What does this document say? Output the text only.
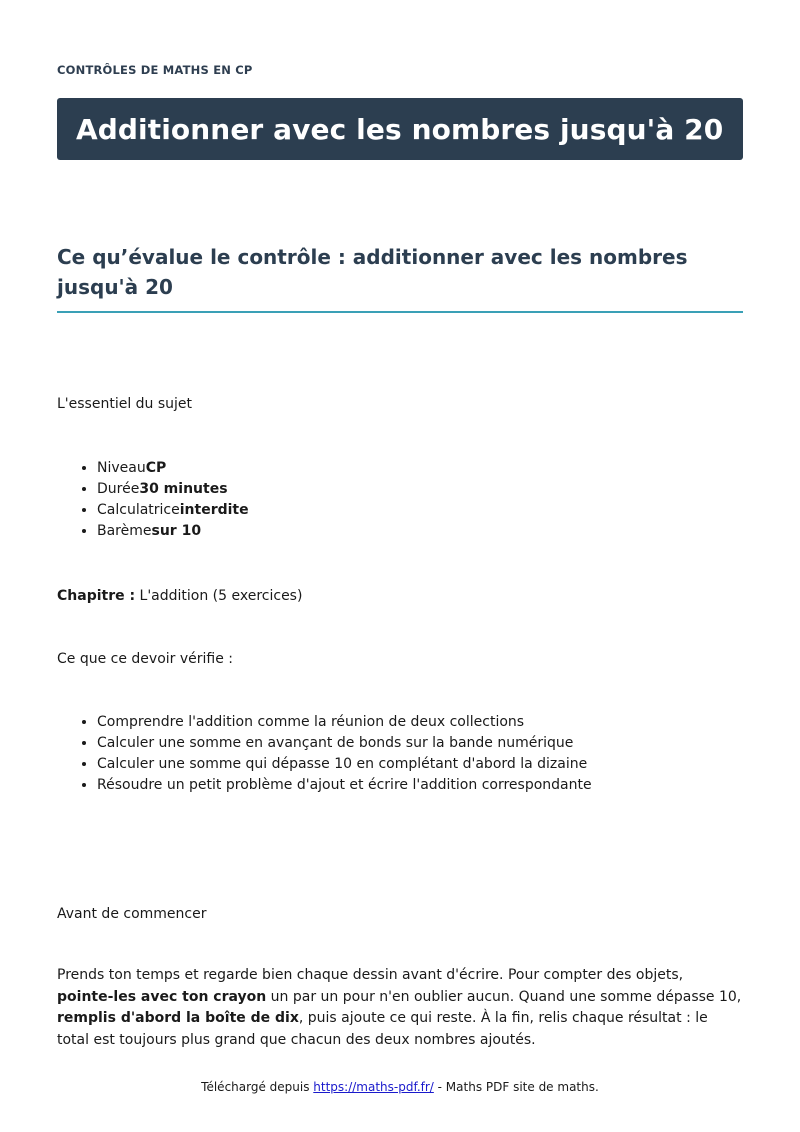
CONTRÔLES DE MATHS EN CP
Additionner avec les nombres jusqu'à 20
Ce qu’évalue le contrôle : additionner avec les nombres jusqu'à 20

L'essentiel du sujet

• NiveauCP
• Durée30 minutes
• Calculatriceinterdite
• Barèmesur 10

Chapitre : L'addition (5 exercices)

Ce que ce devoir vérifie :

• Comprendre l'addition comme la réunion de deux collections
• Calculer une somme en avançant de bonds sur la bande numérique
• Calculer une somme qui dépasse 10 en complétant d'abord la dizaine
• Résoudre un petit problème d'ajout et écrire l'addition correspondante

Avant de commencer

Prends ton temps et regarde bien chaque dessin avant d'écrire. Pour compter des objets, pointe-les avec ton crayon un par un pour n'en oublier aucun. Quand une somme dépasse 10, remplis d'abord la boîte de dix, puis ajoute ce qui reste. À la fin, relis chaque résultat : le total est toujours plus grand que chacun des deux nombres ajoutés.

Téléchargé depuis https://maths-pdf.fr/ - Maths PDF site de maths.
